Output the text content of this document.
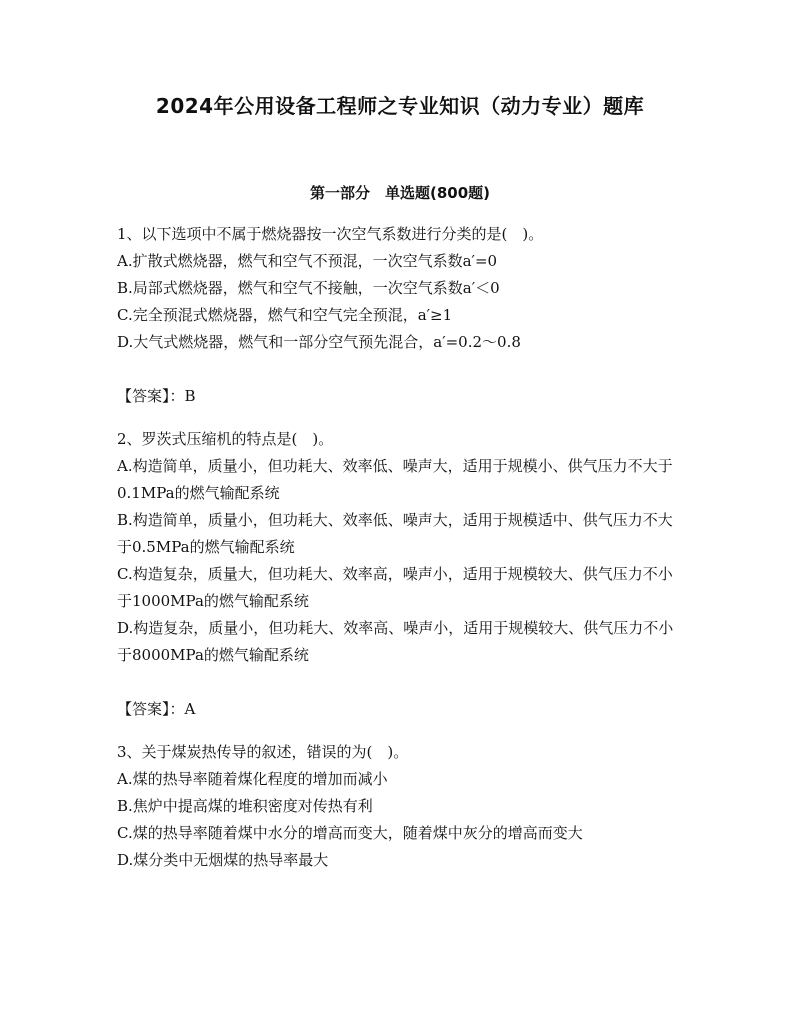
2024年公用设备工程师之专业知识（动力专业）题库
第一部分　单选题(800题)

1、以下选项中不属于燃烧器按一次空气系数进行分类的是(　)。

A.扩散式燃烧器，燃气和空气不预混，一次空气系数a′=0

B.局部式燃烧器，燃气和空气不接触，一次空气系数a′＜0

C.完全预混式燃烧器，燃气和空气完全预混，a′≥1

D.大气式燃烧器，燃气和一部分空气预先混合，a′=0.2～0.8

【答案】：B

2、罗茨式压缩机的特点是(　)。

A.构造简单，质量小，但功耗大、效率低、噪声大，适用于规模小、供气压力不大于0.1MPa的燃气输配系统

B.构造简单，质量小，但功耗大、效率低、噪声大，适用于规模适中、供气压力不大于0.5MPa的燃气输配系统

C.构造复杂，质量大，但功耗大、效率高，噪声小，适用于规模较大、供气压力不小于1000MPa的燃气输配系统

D.构造复杂，质量小，但功耗大、效率高、噪声小，适用于规模较大、供气压力不小于8000MPa的燃气输配系统

【答案】：A

3、关于煤炭热传导的叙述，错误的为(　)。

A.煤的热导率随着煤化程度的增加而减小

B.焦炉中提高煤的堆积密度对传热有利

C.煤的热导率随着煤中水分的增高而变大，随着煤中灰分的增高而变大

D.煤分类中无烟煤的热导率最大
